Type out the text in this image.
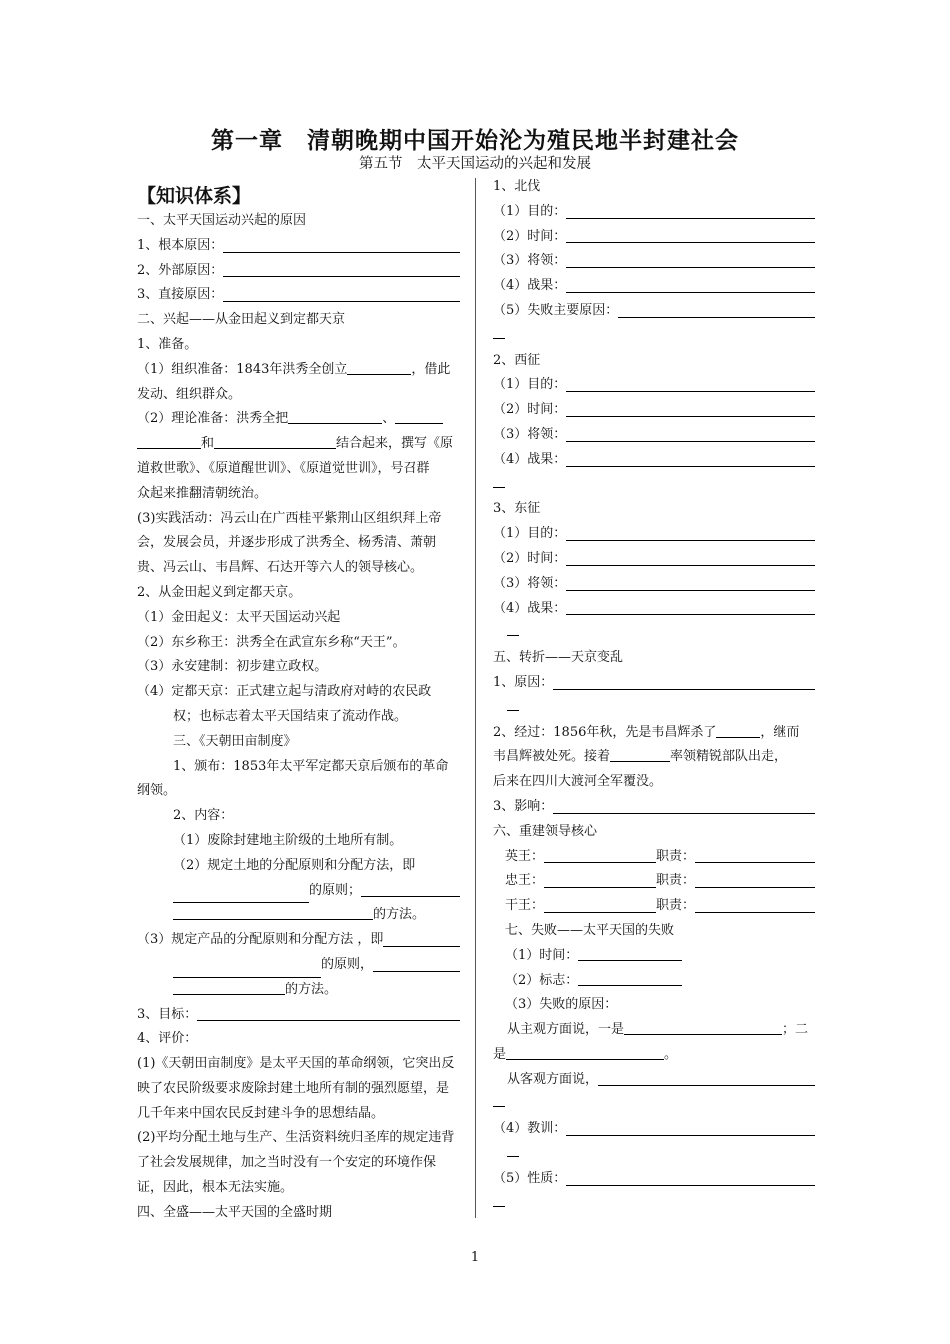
第一章　清朝晚期中国开始沦为殖民地半封建社会
第五节　太平天国运动的兴起和发展
【知识体系】
一、太平天国运动兴起的原因
1、根本原因：
2、外部原因：
3、直接原因：
二、兴起——从金田起义到定都天京
1、准备。
（1）组织准备：1843年洪秀全创立	，借此
发动、组织群众。
（2）理论准备：洪秀全把	、
和	结合起来，撰写《原
道救世歌》、《原道醒世训》、《原道觉世训》，号召群
众起来推翻清朝统治。
(3)实践活动：冯云山在广西桂平紫荆山区组织拜上帝会，发展会员，并逐步形成了洪秀全、杨秀清、萧朝贵、冯云山、韦昌辉、石达开等六人的领导核心。
2、从金田起义到定都天京。
（1）金田起义：太平天国运动兴起
（2）东乡称王：洪秀全在武宣东乡称“天王”。
（3）永安建制：初步建立政权。
（4）定都天京：正式建立起与清政府对峙的农民政
权；也标志着太平天国结束了流动作战。
三、《天朝田亩制度》
1、颁布：1853年太平军定都天京后颁布的革命纲领。
2、内容：
（1）废除封建地主阶级的土地所有制。
（2）规定土地的分配原则和分配方法，即
的原则；
的方法。
（3）规定产品的分配原则和分配方法 ，即
的原则，
的方法。
3、目标：
4、评价：
(1)《天朝田亩制度》是太平天国的革命纲领，它突出反映了农民阶级要求废除封建土地所有制的强烈愿望，是几千年来中国农民反封建斗争的思想结晶。
(2)平均分配土地与生产、生活资料统归圣库的规定违背了社会发展规律，加之当时没有一个安定的环境作保证，因此，根本无法实施。
四、全盛——太平天国的全盛时期
1、北伐
（1）目的：
（2）时间：
（3）将领：
（4）战果：
（5）失败主要原因：
2、西征
（1）目的：
（2）时间：
（3）将领：
（4）战果：
3、东征
（1）目的：
（2）时间：
（3）将领：
（4）战果：
五、转折——天京变乱
1、原因：
2、经过：1856年秋，先是韦昌辉杀了	，继而
韦昌辉被处死。接着	率领精锐部队出走，
后来在四川大渡河全军覆没。
3、影响：
六、重建领导核心
英王：	职责：
忠王：	职责：
干王：	职责：
七、失败——太平天国的失败
（1）时间：
（2）标志：
（3）失败的原因：
从主观方面说，一是	；二
是	。
从客观方面说，
（4）教训：
（5）性质：
1
